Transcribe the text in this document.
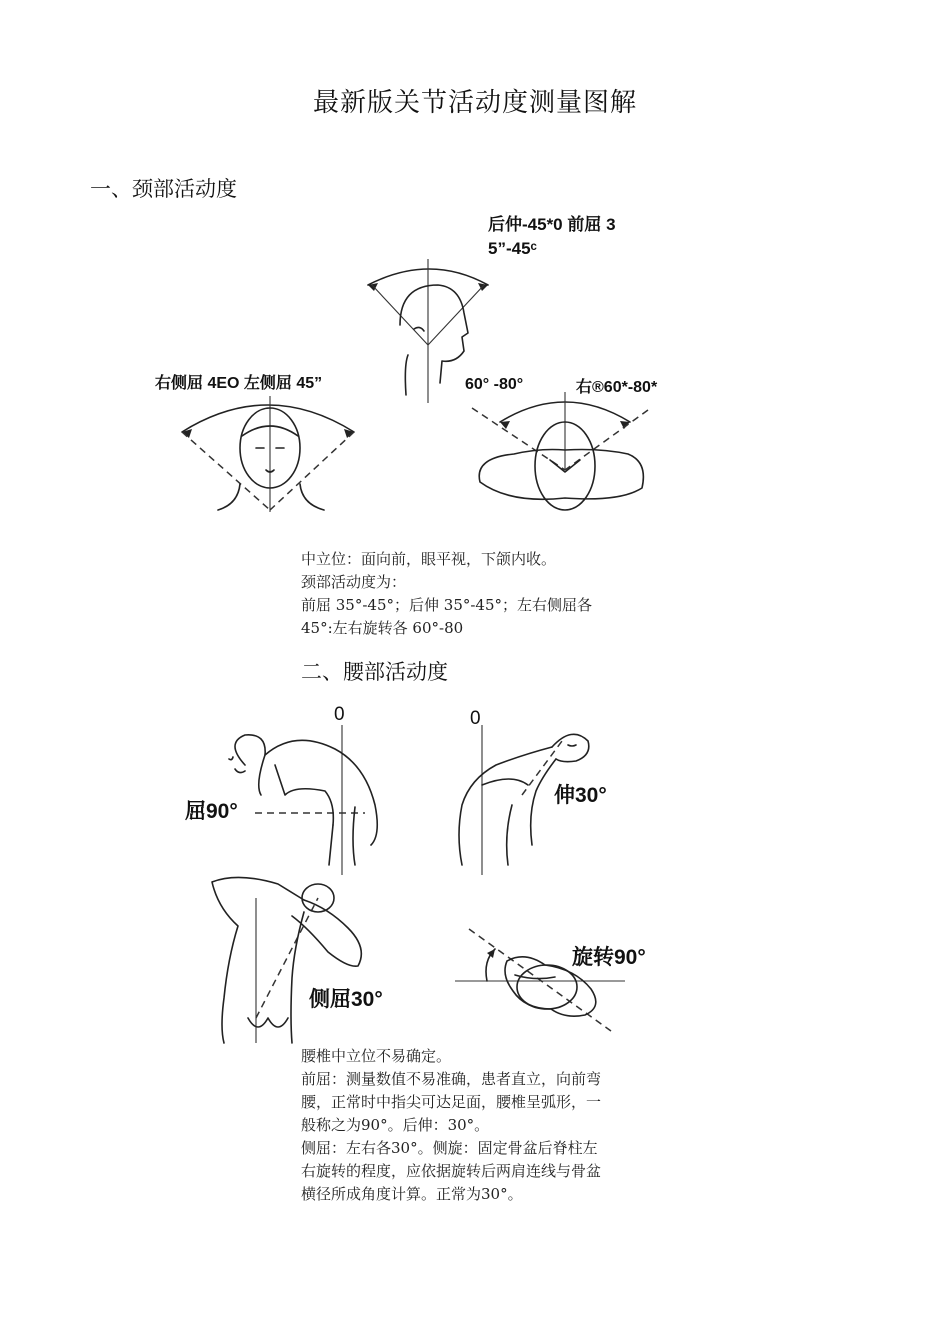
最新版关节活动度测量图解
一、颈部活动度
后仲-45*0 前屈 3
5”-45ᶜ
右侧屈 4EO 左侧屈 45”	60° -80°	右®60*-80*
中立位：面向前，眼平视，下颌内收。
颈部活动度为：
前屈 35°-45°；后伸 35°-45°；左右侧屈各
45°:左右旋转各 60°-80
二、腰部活动度
0
屈90°
0
伸30°
侧屈30°
旋转90°
腰椎中立位不易确定。
前屈：测量数值不易准确，患者直立，向前弯
腰，正常时中指尖可达足面，腰椎呈弧形，一
般称之为90°。后伸：30°。
侧屈：左右各30°。侧旋：固定骨盆后脊柱左
右旋转的程度，应依据旋转后两肩连线与骨盆
横径所成角度计算。正常为30°。
